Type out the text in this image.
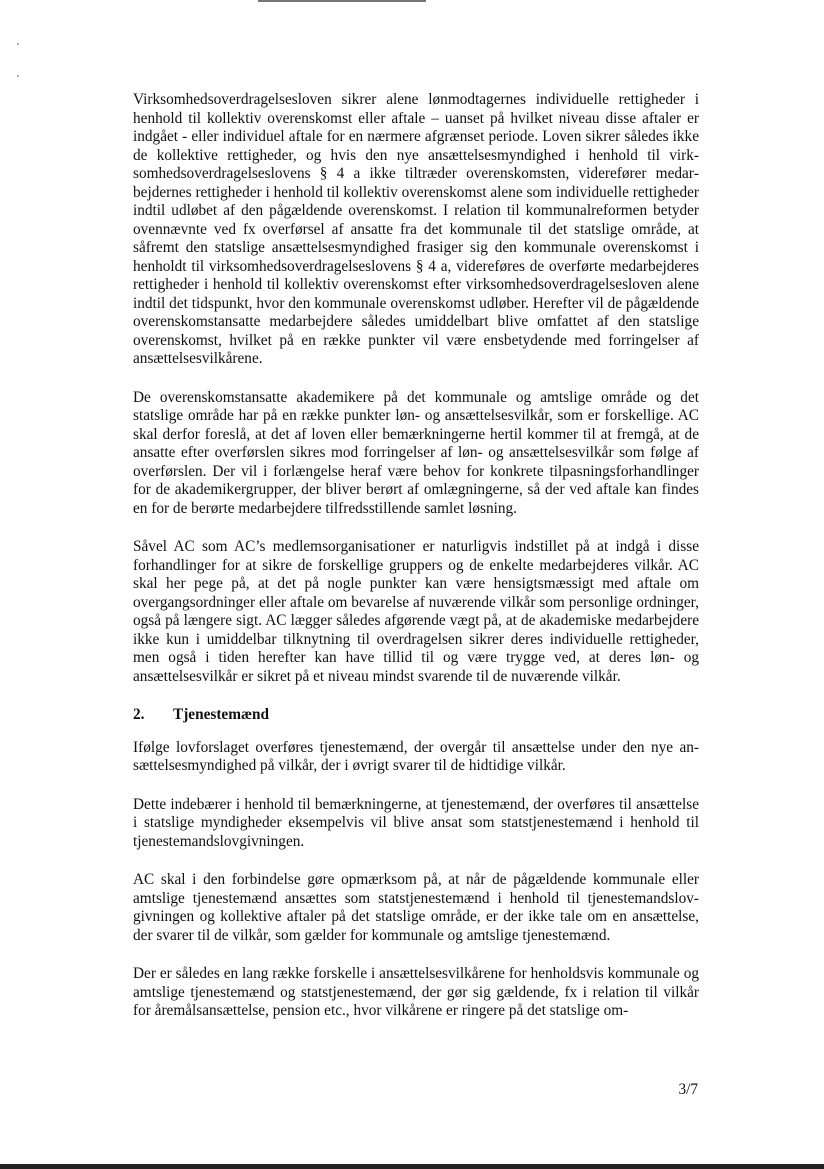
Virksomhedsoverdragelsesloven sikrer alene lønmodtagernes individuelle rettigheder i henhold til kollektiv overenskomst eller aftale – uanset på hvilket niveau disse aftaler er indgået - eller individuel aftale for en nærmere afgrænset periode. Loven sikrer således ikke de kollektive rettigheder, og hvis den nye ansættelsesmyndighed i henhold til virksomhedsoverdragelseslovens § 4 a ikke tiltræder overenskomsten, viderefører medarbejdernes rettigheder i henhold til kollektiv overenskomst alene som individuelle rettigheder indtil udløbet af den pågældende overenskomst. I relation til kommunalreformen betyder ovennævnte ved fx overførsel af ansatte fra det kommunale til det statslige område, at såfremt den statslige ansættelsesmyndighed frasiger sig den kommunale overenskomst i henholdt til virksomhedsoverdragelseslovens § 4 a, videreføres de overførte medarbejderes rettigheder i henhold til kollektiv overenskomst efter virksomhedsoverdragelsesloven alene indtil det tidspunkt, hvor den kommunale overenskomst udløber. Herefter vil de pågældende overenskomstansatte medarbejdere således umiddelbart blive omfattet af den statslige overenskomst, hvilket på en række punkter vil være ensbetydende med forringelser af ansættelsesvilkårene.

De overenskomstansatte akademikere på det kommunale og amtslige område og det statslige område har på en række punkter løn- og ansættelsesvilkår, som er forskellige. AC skal derfor foreslå, at det af loven eller bemærkningerne hertil kommer til at fremgå, at de ansatte efter overførslen sikres mod forringelser af løn- og ansættelsesvilkår som følge af overførslen. Der vil i forlængelse heraf være behov for konkrete tilpasningsforhandlinger for de akademikergrupper, der bliver berørt af omlægningerne, så der ved aftale kan findes en for de berørte medarbejdere tilfredsstillende samlet løsning.

Såvel AC som AC’s medlemsorganisationer er naturligvis indstillet på at indgå i disse forhandlinger for at sikre de forskellige gruppers og de enkelte medarbejderes vilkår. AC skal her pege på, at det på nogle punkter kan være hensigtsmæssigt med aftale om overgangsordninger eller aftale om bevarelse af nuværende vilkår som personlige ordninger, også på længere sigt. AC lægger således afgørende vægt på, at de akademiske medarbejdere ikke kun i umiddelbar tilknytning til overdragelsen sikrer deres individuelle rettigheder, men også i tiden herefter kan have tillid til og være trygge ved, at deres løn- og ansættelsesvilkår er sikret på et niveau mindst svarende til de nuværende vilkår.

2. Tjenestemænd

Ifølge lovforslaget overføres tjenestemænd, der overgår til ansættelse under den nye ansættelsesmyndighed på vilkår, der i øvrigt svarer til de hidtidige vilkår.

Dette indebærer i henhold til bemærkningerne, at tjenestemænd, der overføres til ansættelse i statslige myndigheder eksempelvis vil blive ansat som statstjenestemænd i henhold til tjenestemandslovgivningen.

AC skal i den forbindelse gøre opmærksom på, at når de pågældende kommunale eller amtslige tjenestemænd ansættes som statstjenestemænd i henhold til tjenestemandslovgivningen og kollektive aftaler på det statslige område, er der ikke tale om en ansættelse, der svarer til de vilkår, som gælder for kommunale og amtslige tjenestemænd.

Der er således en lang række forskelle i ansættelsesvilkårene for henholdsvis kommunale og amtslige tjenestemænd og statstjenestemænd, der gør sig gældende, fx i relation til vilkår for åremålsansættelse, pension etc., hvor vilkårene er ringere på det statslige om-

3/7
